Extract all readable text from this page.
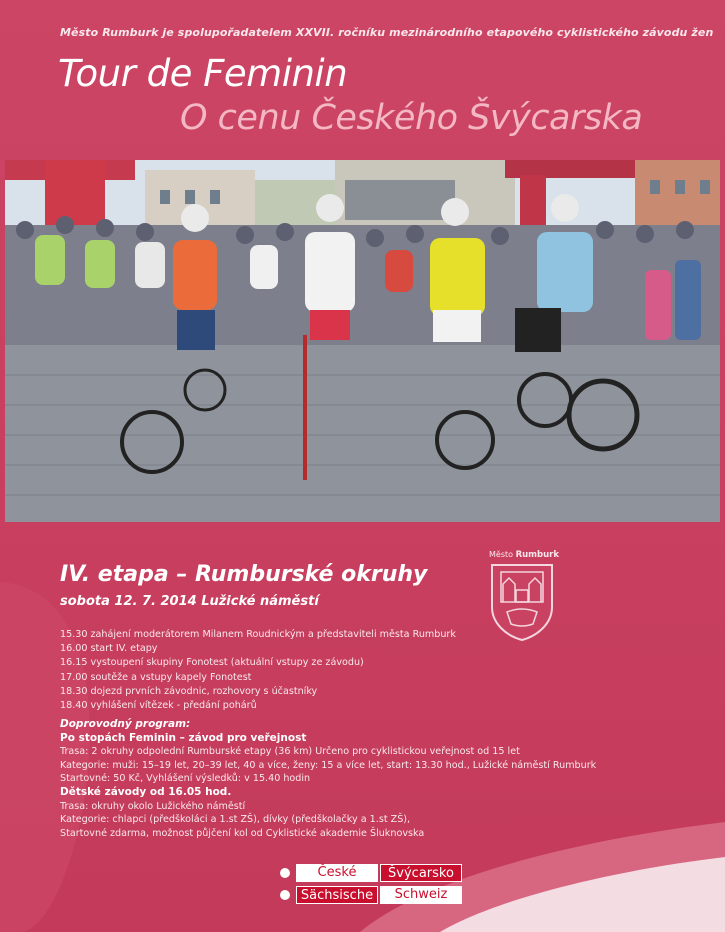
Město Rumburk je spolupořadatelem XXVII. ročníku mezinárodního etapového cyklistického závodu žen
Tour de Feminin
O cenu Českého Švýcarska
IV. etapa – Rumburské okruhy
sobota 12. 7. 2014 Lužické náměstí
15.30 zahájení moderátorem Milanem Roudnickým a představiteli města Rumburk
16.00 start IV. etapy
16.15 vystoupení skupiny Fonotest (aktuální vstupy ze závodu)
17.00 soutěže a vstupy kapely Fonotest
18.30 dojezd prvních závodnic, rozhovory s účastníky
18.40 vyhlášení vítězek - předání pohárů
Doprovodný program:
Po stopách Feminin – závod pro veřejnost
Trasa: 2 okruhy odpolední Rumburské etapy (36 km) Určeno pro cyklistickou veřejnost od 15 let
Kategorie: muži: 15–19 let, 20–39 let, 40 a více, ženy: 15 a více let, start: 13.30 hod., Lužické náměstí Rumburk
Startovné: 50 Kč, Vyhlášení výsledků: v 15.40 hodin
Dětské závody od 16.05 hod.
Trasa: okruhy okolo Lužického náměstí
Kategorie: chlapci (předškoláci a 1.st ZŠ), dívky (předškolačky a 1.st ZŠ),
Startovné zdarma, možnost půjčení kol od Cyklistické akademie Šluknovska
Město Rumburk
České	Švýcarsko
Sächsische	Schweiz
